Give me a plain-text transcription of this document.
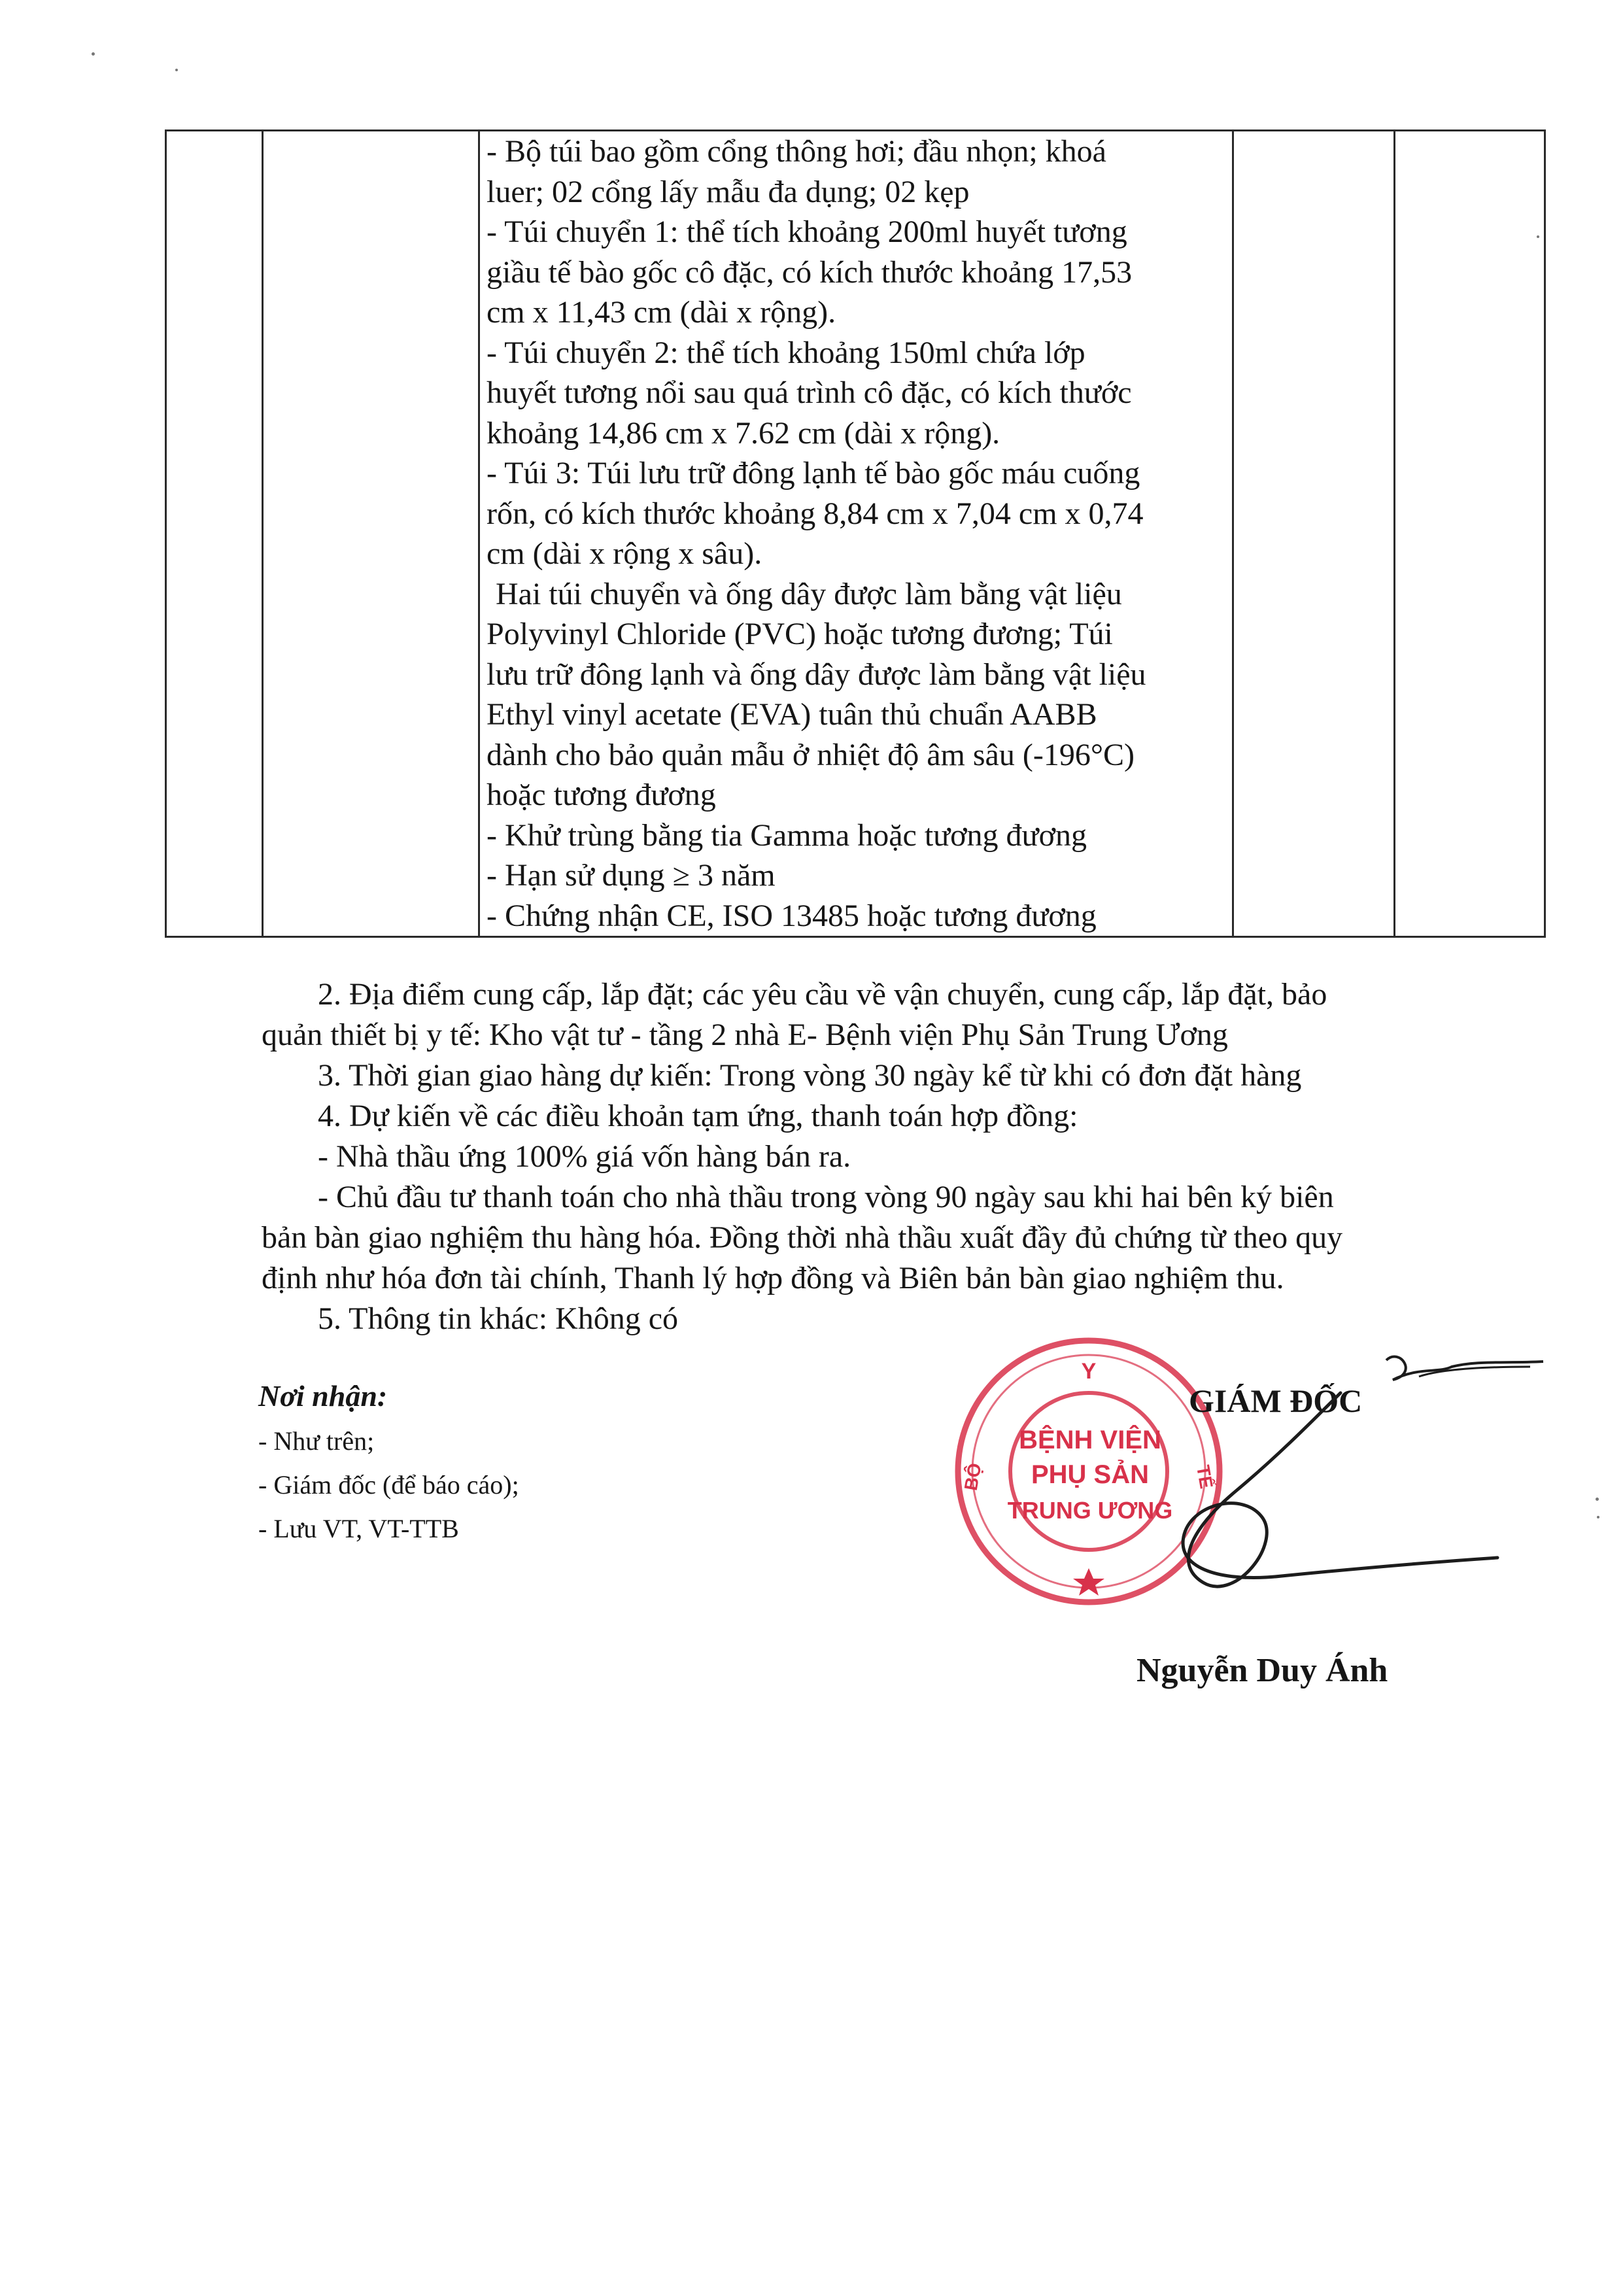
- Bộ túi bao gồm cổng thông hơi; đầu nhọn; khoá
luer; 02 cổng lấy mẫu đa dụng; 02 kẹp
- Túi chuyển 1: thể tích khoảng 200ml huyết tương
giầu tế bào gốc cô đặc, có kích thước khoảng 17,53
cm x 11,43 cm (dài x rộng).
- Túi chuyển 2: thể tích khoảng 150ml chứa lớp
huyết tương nổi sau quá trình cô đặc, có kích thước
khoảng 14,86 cm x 7.62 cm (dài x rộng).
- Túi 3: Túi lưu trữ đông lạnh tế bào gốc máu cuống
rốn, có kích thước khoảng 8,84 cm x 7,04 cm x 0,74
cm (dài x rộng x sâu).
Hai túi chuyển và ống dây được làm bằng vật liệu
Polyvinyl Chloride (PVC) hoặc tương đương; Túi
lưu trữ đông lạnh và ống dây được làm bằng vật liệu
Ethyl vinyl acetate (EVA) tuân thủ chuẩn AABB
dành cho bảo quản mẫu ở nhiệt độ âm sâu (-196°C)
hoặc tương đương
- Khử trùng bằng tia Gamma hoặc tương đương
- Hạn sử dụng ≥ 3 năm
- Chứng nhận CE, ISO 13485 hoặc tương đương

2. Địa điểm cung cấp, lắp đặt; các yêu cầu về vận chuyển, cung cấp, lắp đặt, bảo
quản thiết bị y tế: Kho vật tư - tầng 2 nhà E- Bệnh viện Phụ Sản Trung Ương
3. Thời gian giao hàng dự kiến: Trong vòng 30 ngày kể từ khi có đơn đặt hàng
4. Dự kiến về các điều khoản tạm ứng, thanh toán hợp đồng:
- Nhà thầu ứng 100% giá vốn hàng bán ra.
- Chủ đầu tư thanh toán cho nhà thầu trong vòng 90 ngày sau khi hai bên ký biên
bản bàn giao nghiệm thu hàng hóa. Đồng thời nhà thầu xuất đầy đủ chứng từ theo quy
định như hóa đơn tài chính, Thanh lý hợp đồng và Biên bản bàn giao nghiệm thu.
5. Thông tin khác: Không có
Nơi nhận:
- Như trên;
- Giám đốc (để báo cáo);
- Lưu VT, VT-TTB
Y
BỘ	TẾ
BỆNH VIỆN
PHỤ SẢN
TRUNG ƯƠNG
GIÁM ĐỐC
Nguyễn Duy Ánh
